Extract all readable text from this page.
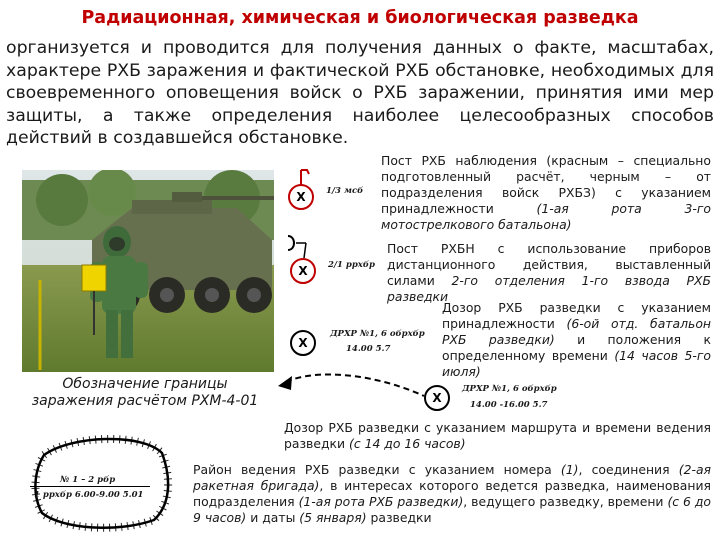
Радиационная, химическая и биологическая разведка
организуется и проводится для получения данных о факте, масштабах, характере РХБ заражения и фактической РХБ обстановке, необходимых для своевременного оповещения войск о РХБ заражении, принятия ими мер защиты, а также определения наиболее целесообразных способов действий в создавшейся обстановке.
Х 1/3 мсб
Х 2/1 ррхбр
Х
ДРХР №1, 6 обрхбр
14.00 5.7
Х
ДРХР №1, 6 обрхбр
14.00 -16.00 5.7
Пост РХБ наблюдения (красным – специально подготовленный расчёт, черным – от подразделения войск РХБЗ) с указанием принадлежности (1-ая рота 3-го мотострелкового батальона)
Пост РХБН с использование приборов дистанционного действия, выставленный силами 2-го отделения 1-го взвода РХБ разведки
Дозор РХБ разведки с указанием принадлежности (6-ой отд. батальон РХБ разведки) и положения к определенному времени (14 часов 5-го июля)
Дозор РХБ разведки с указанием маршрута и времени ведения разведки (с 14 до 16 часов)
Обозначение границы
заражения расчётом РХМ-4-01
№ 1 – 2 рбр
1 ррхбр 6.00-9.00 5.01
Район ведения РХБ разведки с указанием номера (1), соединения (2-ая ракетная бригада), в интересах которого ведется разведка, наименования подразделения (1-ая рота РХБ разведки), ведущего разведку, времени (с 6 до 9 часов) и даты (5 января) разведки
